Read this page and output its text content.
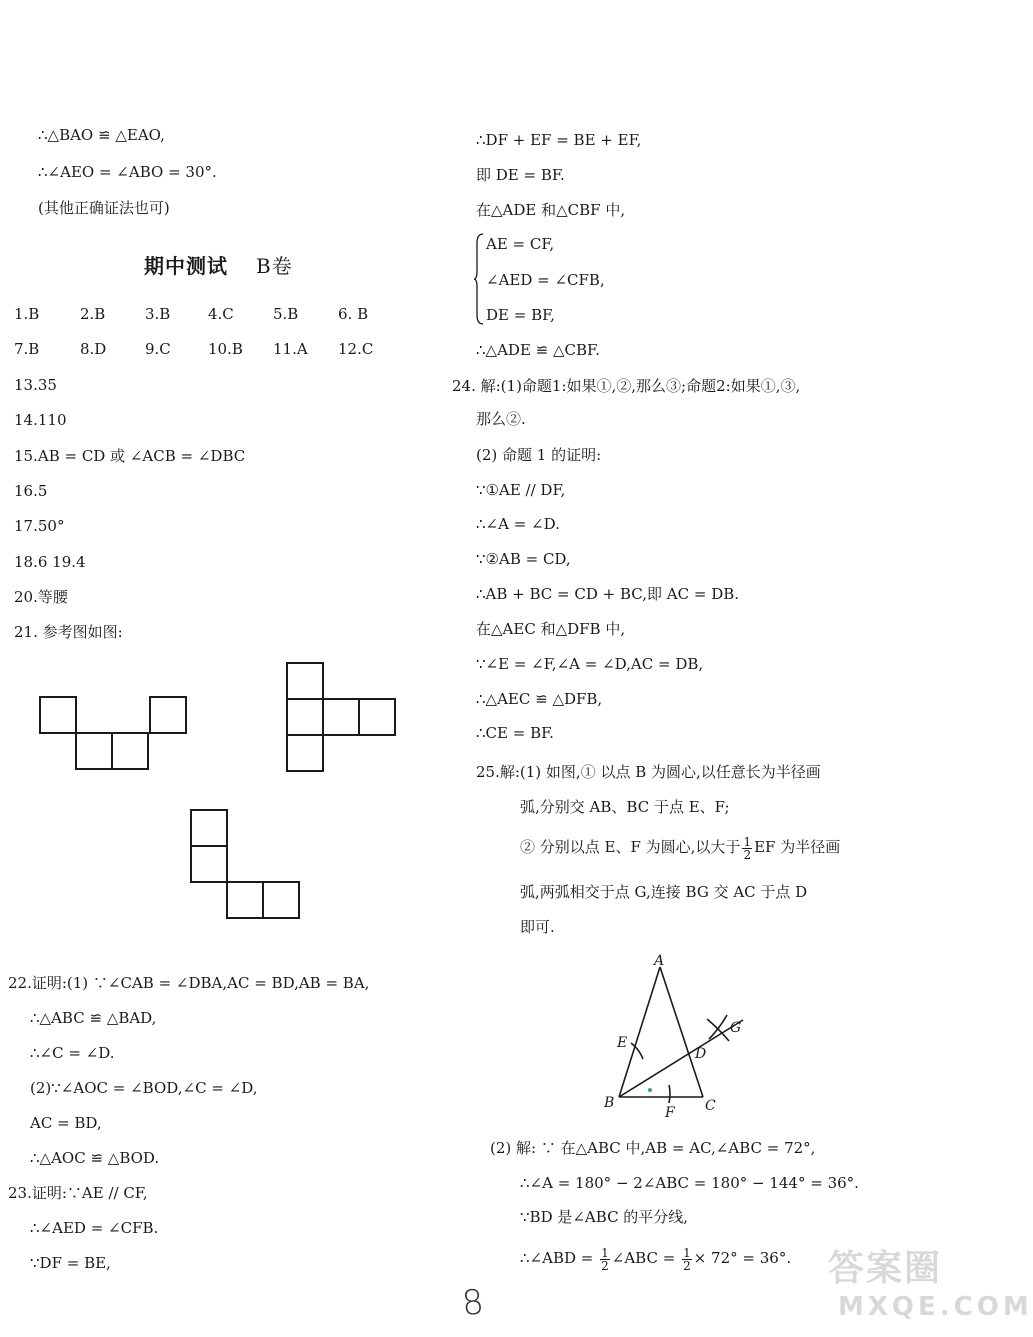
∴△BAO ≌ △EAO,
∴∠AEO = ∠ABO = 30°.
(其他正确证法也可)
期中测试 B卷
1.B	2.B	3.B	4.C	5.B	6. B
7.B	8.D	9.C 10.B 11.A 12.C
13.35
14.110
15.AB = CD 或 ∠ACB = ∠DBC
16.5
17.50°
18.6 19.4
20.等腰
21. 参考图如图:
22.证明:(1) ∵∠CAB = ∠DBA,AC = BD,AB = BA,
∴△ABC ≌ △BAD,
∴∠C = ∠D.
(2)∵∠AOC = ∠BOD,∠C = ∠D,
AC = BD,
∴△AOC ≌ △BOD.
23.证明:∵AE // CF,
∴∠AED = ∠CFB.
∵DF = BE,
∴DF + EF = BE + EF,
即 DE = BF.
在△ADE 和△CBF 中,
AE = CF,
∠AED = ∠CFB,
DE = BF,
∴△ADE ≌ △CBF.
24. 解:(1)命题1:如果①,②,那么③;命题2:如果①,③,
那么②.
(2) 命题 1 的证明:
∵①AE // DF,
∴∠A = ∠D.
∵②AB = CD,
∴AB + BC = CD + BC,即 AC = DB.
在△AEC 和△DFB 中,
∵∠E = ∠F,∠A = ∠D,AC = DB,
∴△AEC ≌ △DFB,
∴CE = BF.
25.解:(1) 如图,① 以点 B 为圆心,以任意长为半径画
弧,分别交 AB、BC 于点 E、F;
② 分别以点 E、F 为圆心,以大于 $\frac{1}{2}$ EF 为半径画
弧,两弧相交于点 G,连接 BG 交 AC 于点 D
即可.
A
B	C
D
E
F
G
(2) 解: ∵ 在△ABC 中,AB = AC,∠ABC = 72°,
∴∠A = 180° − 2∠ABC = 180° − 144° = 36°.
∵BD 是∠ABC 的平分线,
∴∠ABD = $\frac{1}{2}$ ∠ABC = $\frac{1}{2} \times 72^\circ = 36^\circ$.
8
答案圈
MXQE.COM
